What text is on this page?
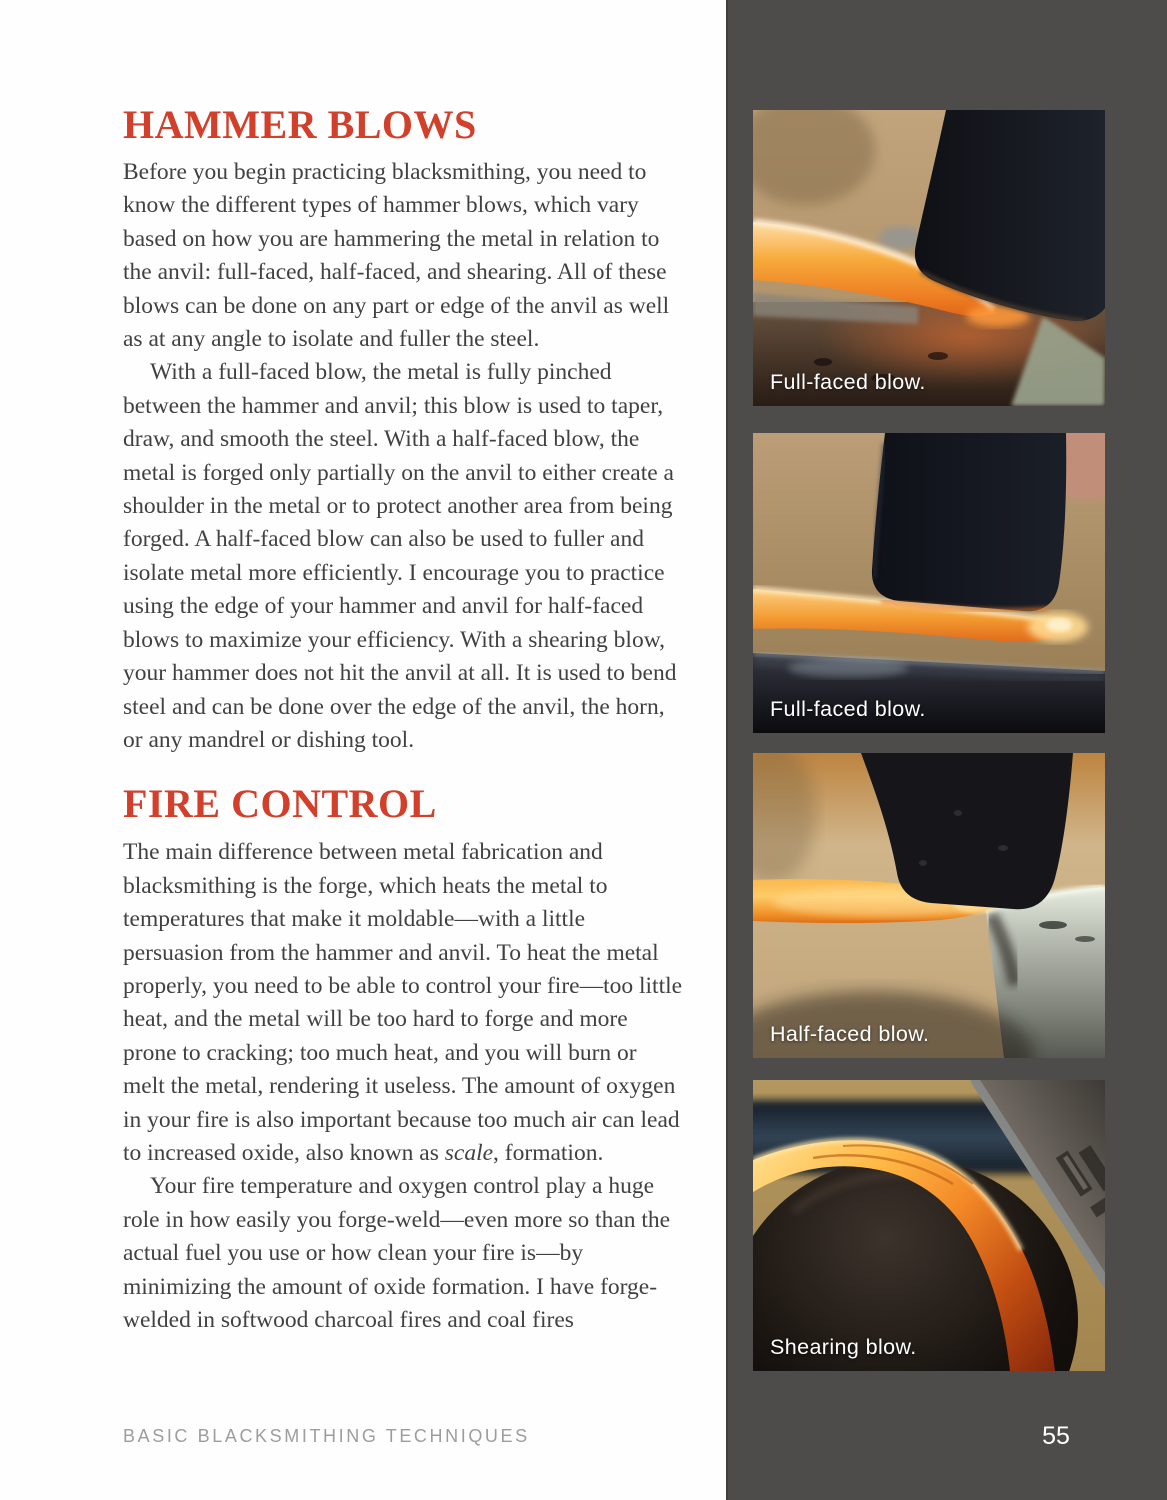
HAMMER BLOWS

Before you begin practicing blacksmithing, you need to know the different types of hammer blows, which vary based on how you are hammering the metal in relation to the anvil: full-faced, half-faced, and shearing. All of these blows can be done on any part or edge of the anvil as well as at any angle to isolate and fuller the steel.

With a full-faced blow, the metal is fully pinched between the hammer and anvil; this blow is used to taper, draw, and smooth the steel. With a half-faced blow, the metal is forged only partially on the anvil to either create a shoulder in the metal or to protect another area from being forged. A half-faced blow can also be used to fuller and isolate metal more efficiently. I encourage you to practice using the edge of your hammer and anvil for half-faced blows to maximize your efficiency. With a shearing blow, your hammer does not hit the anvil at all. It is used to bend steel and can be done over the edge of the anvil, the horn, or any mandrel or dishing tool.

FIRE CONTROL

The main difference between metal fabrication and blacksmithing is the forge, which heats the metal to temperatures that make it moldable—with a little persuasion from the hammer and anvil. To heat the metal properly, you need to be able to control your fire—too little heat, and the metal will be too hard to forge and more prone to cracking; too much heat, and you will burn or melt the metal, rendering it useless. The amount of oxygen in your fire is also important because too much air can lead to increased oxide, also known as scale, formation.

Your fire temperature and oxygen control play a huge role in how easily you forge-weld—even more so than the actual fuel you use or how clean your fire is—by minimizing the amount of oxide formation. I have forge-welded in softwood charcoal fires and coal fires

BASIC BLACKSMITHING TECHNIQUES
Full-faced blow.
Full-faced blow.
Half-faced blow.
Shearing blow.
55
